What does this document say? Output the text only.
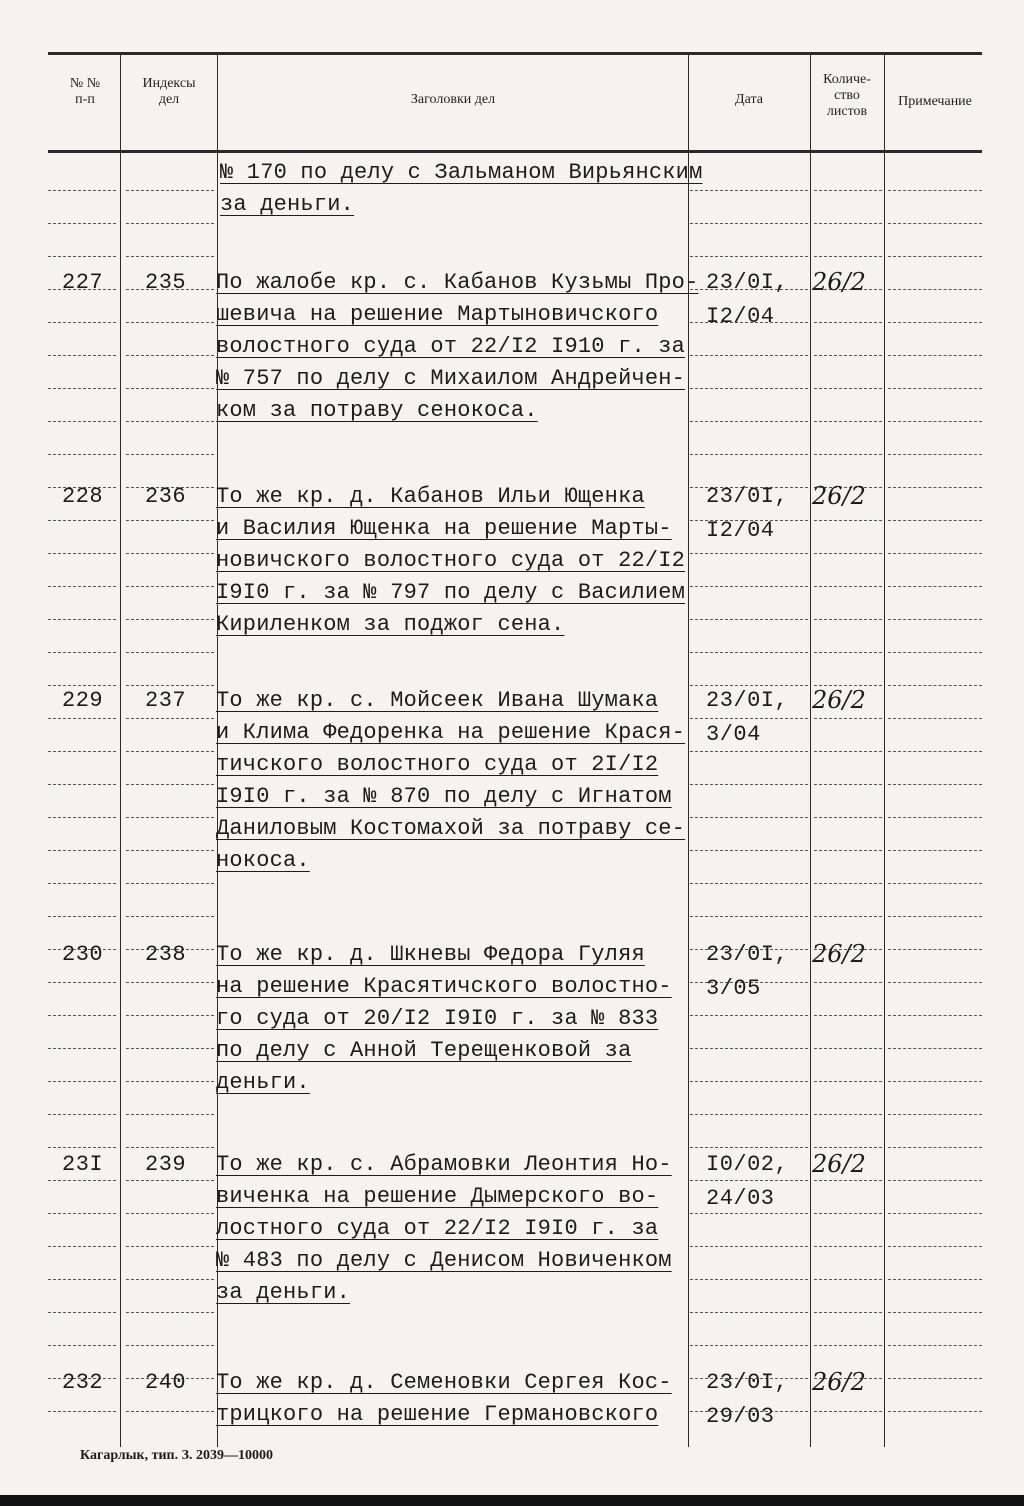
№ №
п-п
Индексы
дел	Заголовки дел	Дата
Количе-
ство
листов
Примечание
№ 170 по делу с Зальманом Вирьянским
за деньги.
227 235 По жалобе кр. с. Кабанов Кузьмы Про-
шевича на решение Мартыновичского
волостного суда от 22/I2 I910 г. за
№ 757 по делу с Михаилом Андрейчен-
ком за потраву сенокоса.
23/0I,
I2/04
26/2
228 236 То же кр. д. Кабанов Ильи Ющенка
и Василия Ющенка на решение Марты-
новичского волостного суда от 22/I2
I9I0 г. за № 797 по делу с Василием
Кириленком за поджог сена.
23/0I,
I2/04
26/2
229 237 То же кр. с. Мойсеек Ивана Шумака
и Клима Федоренка на решение Крася-
тичского волостного суда от 2I/I2
I9I0 г. за № 870 по делу с Игнатом
Даниловым Костомахой за потраву се-
нокоса.
23/0I,
3/04
26/2
230 238 То же кр. д. Шкневы Федора Гуляя
на решение Красятичского волостно-
го суда от 20/I2 I9I0 г. за № 833
по делу с Анной Терещенковой за
деньги.
23/0I,
3/05
26/2
23I 239 То же кр. с. Абрамовки Леонтия Но-
виченка на решение Дымерского во-
лостного суда от 22/I2 I9I0 г. за
№ 483 по делу с Денисом Новиченком
за деньги.
I0/02,
24/03
26/2
232 240 То же кр. д. Семеновки Сергея Кос-
трицкого на решение Германовского
23/0I,
29/03
26/2
Кагарлык, тип. З. 2039—10000
